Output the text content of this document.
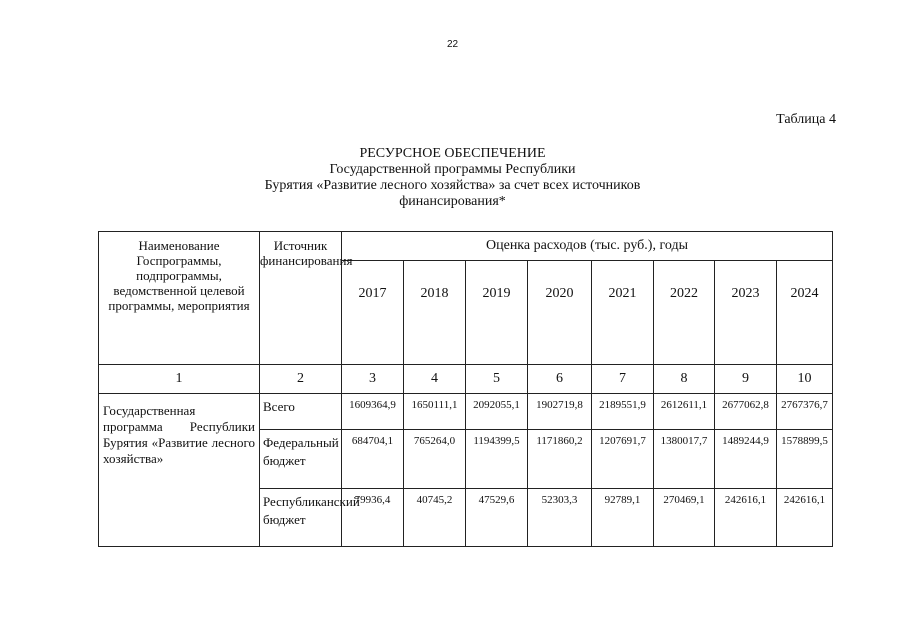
22
Таблица 4
РЕСУРСНОЕ ОБЕСПЕЧЕНИЕ
Государственной программы Республики
Бурятия «Развитие лесного хозяйства» за счет всех источников
финансирования*
Наименование Госпрограммы, подпрограммы, ведомственной целевой программы, мероприятия	Источник финансирования	Оценка расходов (тыс. руб.), годы							
		2017	2018	2019	2020	2021	2022	2023	2024
1	2	3	4	5	6	7	8	9	10
Государственная программа Республики Бурятия «Развитие лесного хозяйства»	Всего	1609364,9	1650111,1	2092055,1	1902719,8	2189551,9	2612611,1	2677062,8	2767376,7
	Федеральный бюджет	684704,1	765264,0	1194399,5	1171860,2	1207691,7	1380017,7	1489244,9	1578899,5
	Республиканский бюджет	79936,4	40745,2	47529,6	52303,3	92789,1	270469,1	242616,1	242616,1
